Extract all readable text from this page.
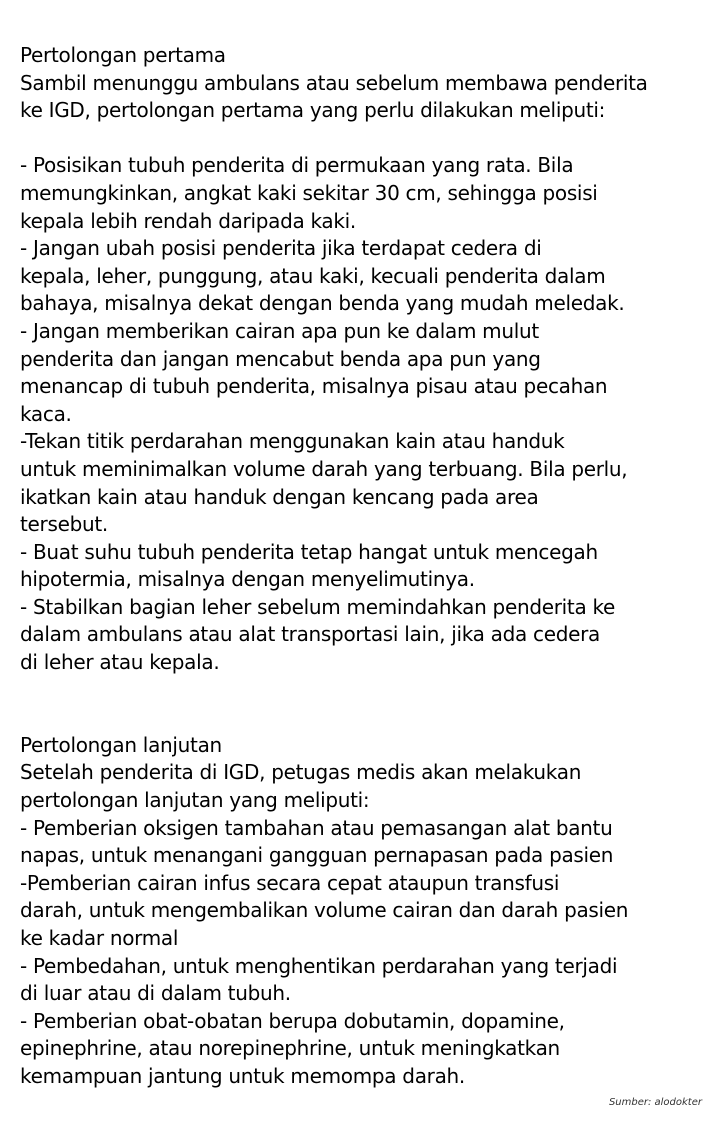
Pertolongan pertama
Sambil menunggu ambulans atau sebelum membawa penderita
ke IGD, pertolongan pertama yang perlu dilakukan meliputi:
- Posisikan tubuh penderita di permukaan yang rata. Bila
memungkinkan, angkat kaki sekitar 30 cm, sehingga posisi
kepala lebih rendah daripada kaki.
- Jangan ubah posisi penderita jika terdapat cedera di
kepala, leher, punggung, atau kaki, kecuali penderita dalam
bahaya, misalnya dekat dengan benda yang mudah meledak.
- Jangan memberikan cairan apa pun ke dalam mulut
penderita dan jangan mencabut benda apa pun yang
menancap di tubuh penderita, misalnya pisau atau pecahan
kaca.
-Tekan titik perdarahan menggunakan kain atau handuk
untuk meminimalkan volume darah yang terbuang. Bila perlu,
ikatkan kain atau handuk dengan kencang pada area
tersebut.
- Buat suhu tubuh penderita tetap hangat untuk mencegah
hipotermia, misalnya dengan menyelimutinya.
- Stabilkan bagian leher sebelum memindahkan penderita ke
dalam ambulans atau alat transportasi lain, jika ada cedera
di leher atau kepala.
Pertolongan lanjutan
Setelah penderita di IGD, petugas medis akan melakukan
pertolongan lanjutan yang meliputi:
- Pemberian oksigen tambahan atau pemasangan alat bantu
napas, untuk menangani gangguan pernapasan pada pasien
-Pemberian cairan infus secara cepat ataupun transfusi
darah, untuk mengembalikan volume cairan dan darah pasien
ke kadar normal
- Pembedahan, untuk menghentikan perdarahan yang terjadi
di luar atau di dalam tubuh.
- Pemberian obat-obatan berupa dobutamin, dopamine,
epinephrine, atau norepinephrine, untuk meningkatkan
kemampuan jantung untuk memompa darah.
Sumber: alodokter
